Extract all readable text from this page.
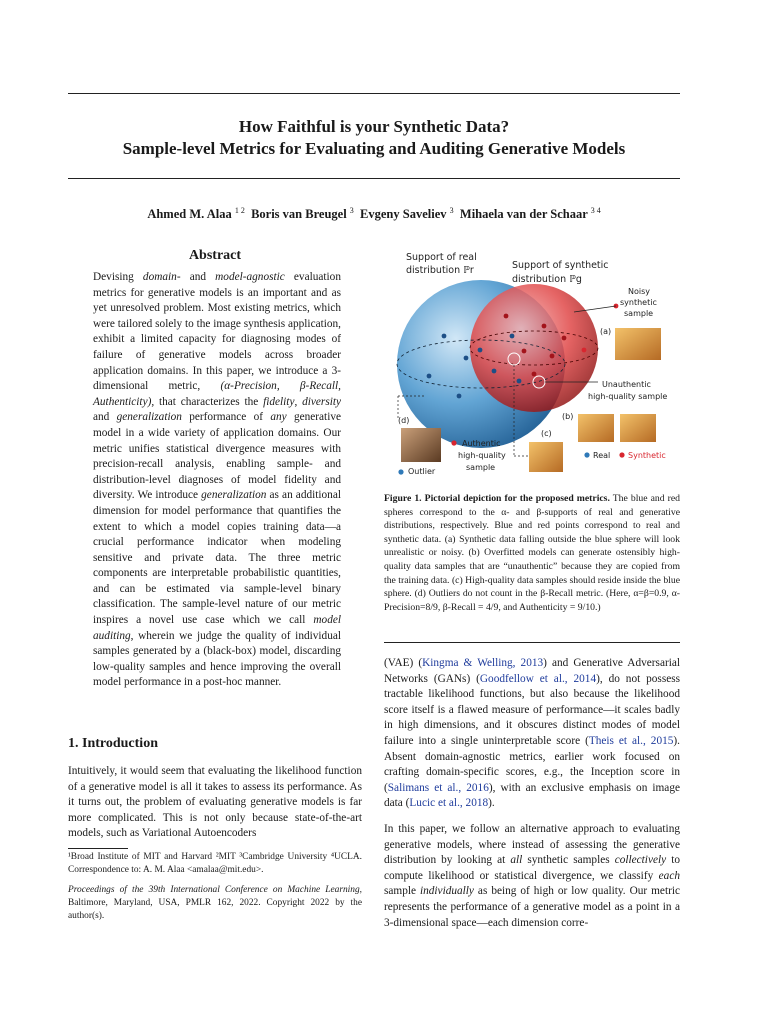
How Faithful is your Synthetic Data?
Sample-level Metrics for Evaluating and Auditing Generative Models
Ahmed M. Alaa $^{1 2}$ Boris van Breugel $^3$ Evgeny Saveliev $^3$ Mihaela van der Schaar $^{3 4}$
Abstract
Devising domain- and model-agnostic evaluation metrics for generative models is an important and as yet unresolved problem. Most existing metrics, which were tailored solely to the image synthesis application, exhibit a limited capacity for diagnosing modes of failure of generative models across broader application domains. In this paper, we introduce a 3-dimensional metric, (α-Precision, β-Recall, Authenticity), that characterizes the fidelity, diversity and generalization performance of any generative model in a wide variety of application domains. Our metric unifies statistical divergence measures with precision-recall analysis, enabling sample- and distribution-level diagnoses of model fidelity and diversity. We introduce generalization as an additional dimension for model performance that quantifies the extent to which a model copies training data—a crucial performance indicator when modeling sensitive and private data. The three metric components are interpretable probabilistic quantities, and can be estimated via sample-level binary classification. The sample-level nature of our metric inspires a novel use case which we call model auditing, wherein we judge the quality of individual samples generated by a (black-box) model, discarding low-quality samples and hence improving the overall model performance in a post-hoc manner.
1. Introduction
Intuitively, it would seem that evaluating the likelihood function of a generative model is all it takes to assess its performance. As it turns out, the problem of evaluating generative models is far more complicated. This is not only because state-of-the-art models, such as Variational Autoencoders
¹Broad Institute of MIT and Harvard ²MIT ³Cambridge University ⁴UCLA. Correspondence to: A. M. Alaa <amalaa@mit.edu>.
Proceedings of the 39th International Conference on Machine Learning, Baltimore, Maryland, USA, PMLR 162, 2022. Copyright 2022 by the author(s).
Support of real
distribution ℙr	Support of synthetic
distribution ℙg
Noisy
synthetic
sample
(a)
Unauthentic
high-quality sample
(b)
(c)
(d)
Authentic
high-quality
sample
Outlier
Real Synthetic
Figure 1. Pictorial depiction for the proposed metrics. The blue and red spheres correspond to the α- and β-supports of real and generative distributions, respectively. Blue and red points correspond to real and synthetic data. (a) Synthetic data falling outside the blue sphere will look unrealistic or noisy. (b) Overfitted models can generate ostensibly high-quality data samples that are “unauthentic” because they are copied from the training data. (c) High-quality data samples should reside inside the blue sphere. (d) Outliers do not count in the β-Recall metric. (Here, α=β=0.9, α-Precision=8/9, β-Recall = 4/9, and Authenticity = 9/10.)
(VAE) (Kingma & Welling, 2013) and Generative Adversarial Networks (GANs) (Goodfellow et al., 2014), do not possess tractable likelihood functions, but also because the likelihood score itself is a flawed measure of performance—it scales badly in high dimensions, and it obscures distinct modes of model failure into a single uninterpretable score (Theis et al., 2015). Absent domain-agnostic metrics, earlier work focused on crafting domain-specific scores, e.g., the Inception score in (Salimans et al., 2016), with an exclusive emphasis on image data (Lucic et al., 2018).
In this paper, we follow an alternative approach to evaluating generative models, where instead of assessing the generative distribution by looking at all synthetic samples collectively to compute likelihood or statistical divergence, we classify each sample individually as being of high or low quality. Our metric represents the performance of a generative model as a point in a 3-dimensional space—each dimension corre-
